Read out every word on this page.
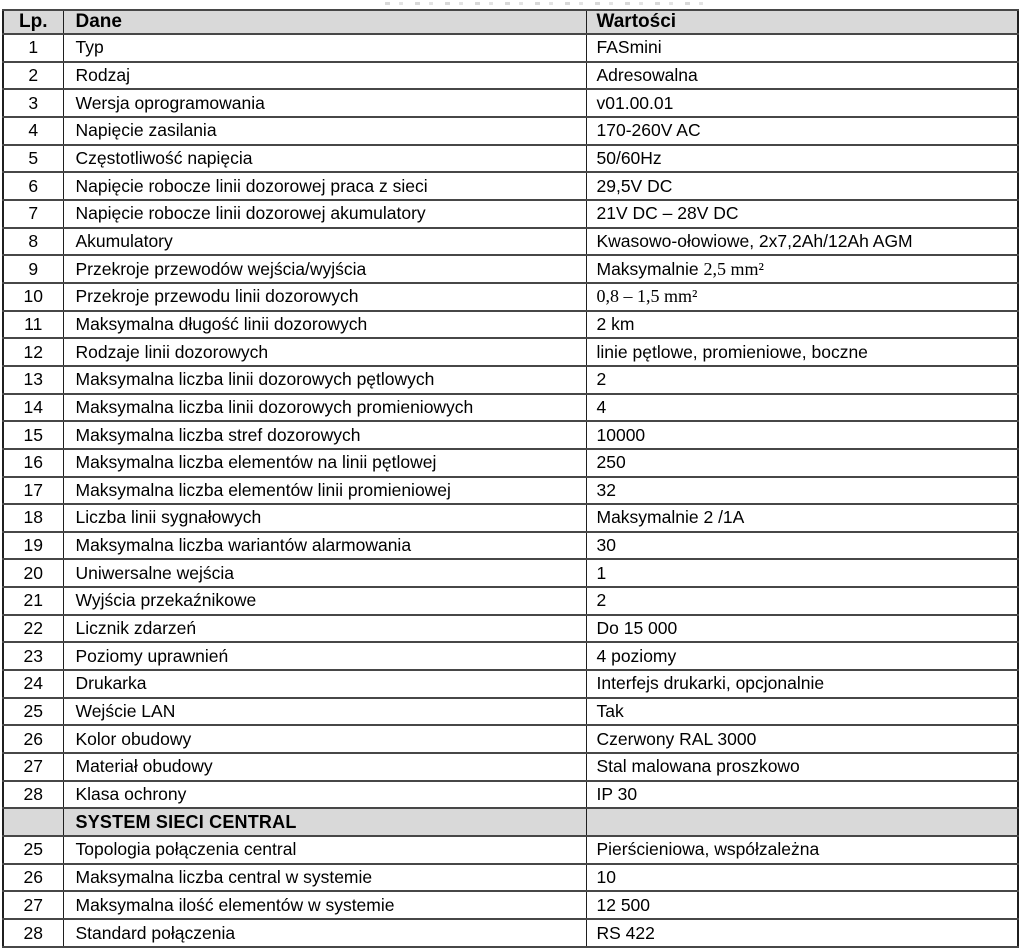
Lp.	Dane	Wartości
1	Typ	FASmini
2	Rodzaj	Adresowalna
3	Wersja oprogramowania	v01.00.01
4	Napięcie zasilania	170-260V AC
5	Częstotliwość napięcia	50/60Hz
6	Napięcie robocze linii dozorowej praca z sieci	29,5V DC
7	Napięcie robocze linii dozorowej akumulatory	21V DC – 28V DC
8	Akumulatory	Kwasowo-ołowiowe, 2x7,2Ah/12Ah AGM
9	Przekroje przewodów wejścia/wyjścia	Maksymalnie 2,5 mm²
10	Przekroje przewodu linii dozorowych	0,8 – 1,5 mm²
11	Maksymalna długość linii dozorowych	2 km
12	Rodzaje linii dozorowych	linie pętlowe, promieniowe, boczne
13	Maksymalna liczba linii dozorowych pętlowych	2
14	Maksymalna liczba linii dozorowych promieniowych	4
15	Maksymalna liczba stref dozorowych	10000
16	Maksymalna liczba elementów na linii pętlowej	250
17	Maksymalna liczba elementów linii promieniowej	32
18	Liczba linii sygnałowych	Maksymalnie 2 /1A
19	Maksymalna liczba wariantów alarmowania	30
20	Uniwersalne wejścia	1
21	Wyjścia przekaźnikowe	2
22	Licznik zdarzeń	Do 15 000
23	Poziomy uprawnień	4 poziomy
24	Drukarka	Interfejs drukarki, opcjonalnie
25	Wejście LAN	Tak
26	Kolor obudowy	Czerwony RAL 3000
27	Materiał obudowy	Stal malowana proszkowo
28	Klasa ochrony	IP 30
	SYSTEM SIECI CENTRAL	
25	Topologia połączenia central	Pierścieniowa, współzależna
26	Maksymalna liczba central w systemie	10
27	Maksymalna ilość elementów w systemie	12 500
28	Standard połączenia	RS 422
